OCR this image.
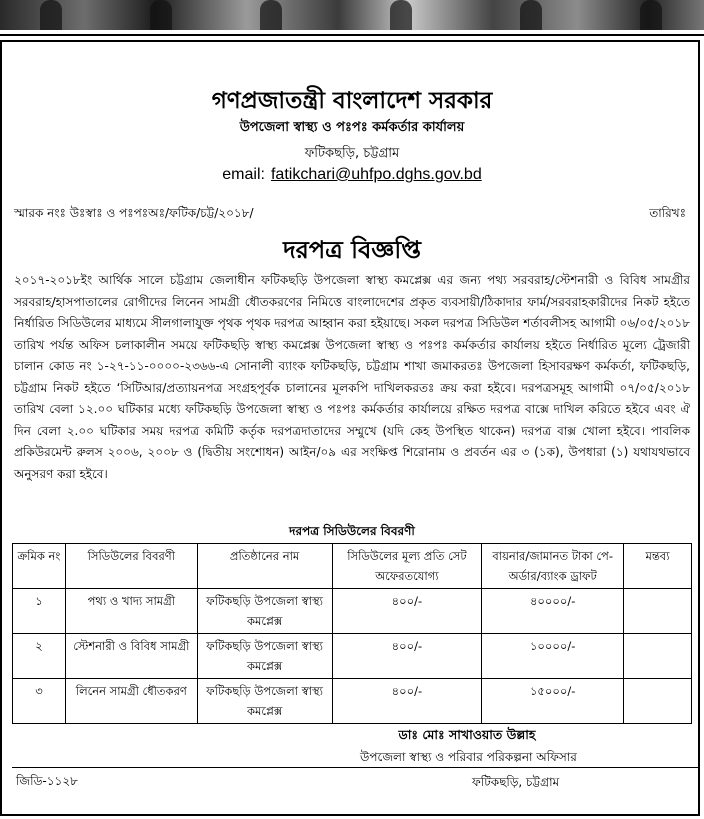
গণপ্রজাতন্ত্রী বাংলাদেশ সরকার
উপজেলা স্বাস্থ্য ও পঃপঃ কর্মকর্তার কার্যালয়
ফটিকছড়ি, চট্টগ্রাম
email: fatikchari@uhfpo.dghs.gov.bd
স্মারক নংঃ উঃস্বাঃ ও পঃপঃঅঃ/ফটিক/চট্ট/২০১৮/	তারিখঃ
দরপত্র বিজ্ঞপ্তি
২০১৭-২০১৮ইং আর্থিক সালে চট্টগ্রাম জেলাধীন ফটিকছড়ি উপজেলা স্বাস্থ্য কমপ্লেক্স এর জন্য পথ্য সরবরাহ/স্টেশনারী ও বিবিধ সামগ্রীর সরবরাহ/হাসপাতালের রোগীদের লিনেন সামগ্রী ধৌতকরণের নিমিত্তে বাংলাদেশের প্রকৃত ব্যবসায়ী/ঠিকাদার ফার্ম/সরবরাহকারীদের নিকট হইতে নির্ধারিত সিডিউলের মাধ্যমে সীলগালাযুক্ত পৃথক পৃথক দরপত্র আহ্বান করা হইয়াছে। সকল দরপত্র সিডিউল শর্তাবলীসহ আগামী ০৬/০৫/২০১৮ তারিখ পর্যন্ত অফিস চলাকালীন সময়ে ফটিকছড়ি স্বাস্থ্য কমপ্লেক্স উপজেলা স্বাস্থ্য ও পঃপঃ কর্মকর্তার কার্যালয় হইতে নির্ধারিত মূল্যে ট্রেজারী চালান কোড নং ১-২৭-১১-০০০০-২৩৬৬-এ সোনালী ব্যাংক ফটিকছড়ি, চট্টগ্রাম শাখা জমাকরতঃ উপজেলা হিসাবরক্ষণ কর্মকর্তা, ফটিকছড়ি, চট্টগ্রাম নিকট হইতে ‘সিটিআর/প্রত্যায়নপত্র সংগ্রহপূর্বক চালানের মূলকপি দাখিলকরতঃ ক্রয় করা হইবে। দরপত্রসমূহ আগামী ০৭/০৫/২০১৮ তারিখ বেলা ১২.০০ ঘটিকার মধ্যে ফটিকছড়ি উপজেলা স্বাস্থ্য ও পঃপঃ কর্মকর্তার কার্যালয়ে রক্ষিত দরপত্র বাক্সে দাখিল করিতে হইবে এবং ঐ দিন বেলা ২.০০ ঘটিকার সময় দরপত্র কমিটি কর্তৃক দরপত্রদাতাদের সম্মুখে (যদি কেহ উপস্থিত থাকেন) দরপত্র বাক্স খোলা হইবে। পাবলিক প্রকিউরমেন্ট রুলস ২০০৬, ২০০৮ ও (দ্বিতীয় সংশোধন) আইন/০৯ এর সংক্ষিপ্ত শিরোনাম ও প্রবর্তন এর ৩ (১ক), উপধারা (১) যথাযথভাবে অনুসরণ করা হইবে।
দরপত্র সিডিউলের বিবরণী
ক্রমিক নং	সিডিউলের বিবরণী	প্রতিষ্ঠানের নাম	সিডিউলের মূল্য প্রতি সেট অফেরতযোগ্য	বায়নার/জামানত টাকা পে-অর্ডার/ব্যাংক ড্রাফট	মন্তব্য
১	পথ্য ও খাদ্য সামগ্রী	ফটিকছড়ি উপজেলা স্বাস্থ্য কমপ্লেক্স	৪০০/-	৪০০০০/-	
২	স্টেশনারী ও বিবিধ সামগ্রী	ফটিকছড়ি উপজেলা স্বাস্থ্য কমপ্লেক্স	৪০০/-	১০০০০/-	
৩	লিনেন সামগ্রী ধৌতকরণ	ফটিকছড়ি উপজেলা স্বাস্থ্য কমপ্লেক্স	৪০০/-	১৫০০০/-	
ডাঃ মোঃ সাখাওয়াত উল্লাহ
উপজেলা স্বাস্থ্য ও পরিবার পরিকল্পনা অফিসার
জিডি-১১২৮	ফটিকছড়ি, চট্টগ্রাম
